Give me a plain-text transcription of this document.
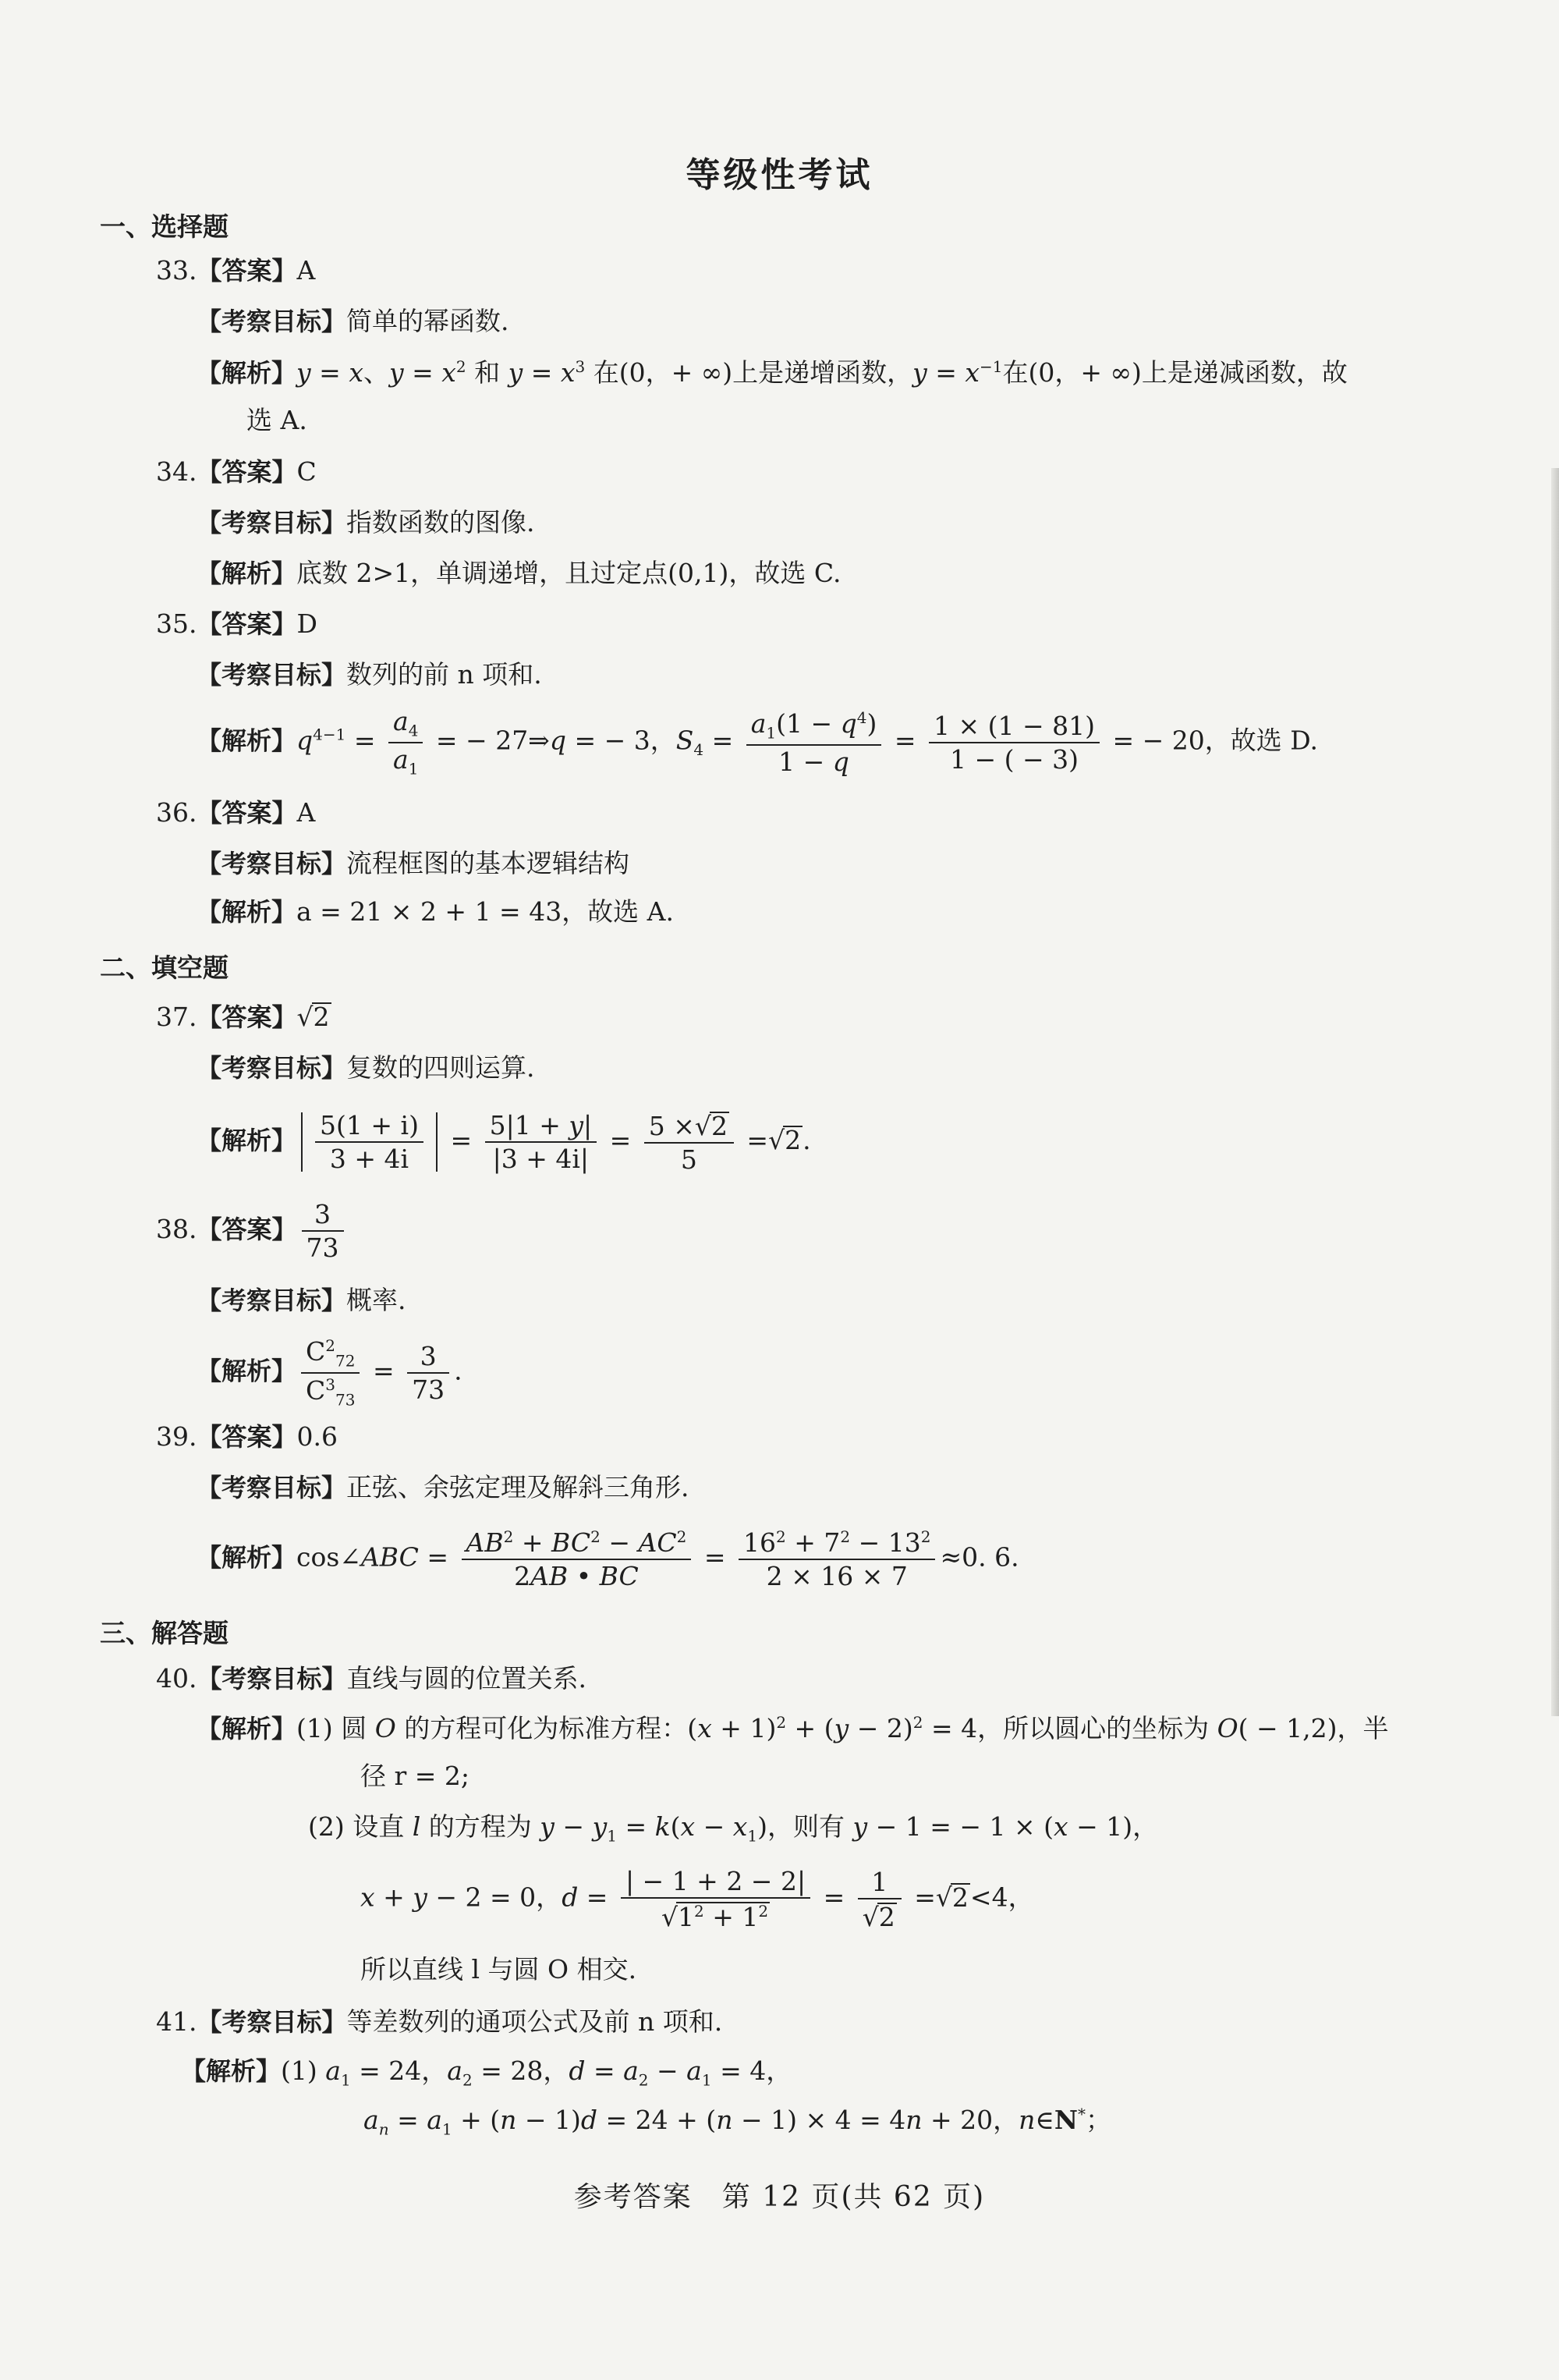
等级性考试
一、选择题
33.【答案】A
【考察目标】简单的幂函数.
【解析】y = x、$y = x^2$ 和 $y = x^3$ 在(0，+ ∞)上是递增函数，$y = x^{-1}$在(0，+ ∞)上是递减函数，故
选 A.
34.【答案】C
【考察目标】指数函数的图像.
【解析】底数 2>1，单调递增，且过定点(0,1)，故选 C.
35.【答案】D
【考察目标】数列的前 n 项和.
【解析】$q^{4-1} = \frac{a_4}{a_1}$ = − 27⇒q = − 3，$S_4 = \frac{a_1(1 - q^4)}{1 - q} = \frac{1 \times (1 - 81)}{1 - ( - 3)}$ = − 20，故选 D.
36.【答案】A
【考察目标】流程框图的基本逻辑结构
【解析】a = 21 × 2 + 1 = 43，故选 A.
二、填空题
37.【答案】√2
【考察目标】复数的四则运算.
【解析】 $\frac{5(1 + i)}{3 + 4i} = \frac{5|1 + y|}{|3 + 4i|} = \frac{5 \times√2}{5} =√2$.
38.【答案】 $\frac{3}{73}$
【考察目标】概率.
【解析】 $\frac{C^2_{72}}{C^3_{73}} = \frac{3}{73}$ .
39.【答案】0.6
【考察目标】正弦、余弦定理及解斜三角形.
【解析】cos∠ABC = $\frac{AB^2 + BC^2 - AC^2}{2AB • BC} = \frac{16^2 + 7^2 - 13^2}{2 \times 16 \times 7} \approx 0$. 6.
三、解答题
40.【考察目标】直线与圆的位置关系.
【解析】(1) 圆 O 的方程可化为标准方程：$(x + 1)^2 + (y - 2)^2 = 4$，所以圆心的坐标为 O( − 1,2)，半
径 r = 2;
(2) 设直 l 的方程为 $y - y_1 = k(x - x_1)$，则有 y − 1 = − 1 × (x − 1)，
x + y − 2 = 0，$d = \frac{| - 1 + 2 - 2|}{√1^2 + 1^2} = \frac{1}{√2} =√2<4$，
所以直线 l 与圆 O 相交.
41.【考察目标】等差数列的通项公式及前 n 项和.
【解析】(1) $a_1 = 24$，$a_2 = 28$，$d = a_2 - a_1 = 4$，
$a_n = a_1 + (n - 1)d = 24 + (n - 1) \times 4 = 4n + 20$，n∈N*；
参考答案　第 12 页(共 62 页)
